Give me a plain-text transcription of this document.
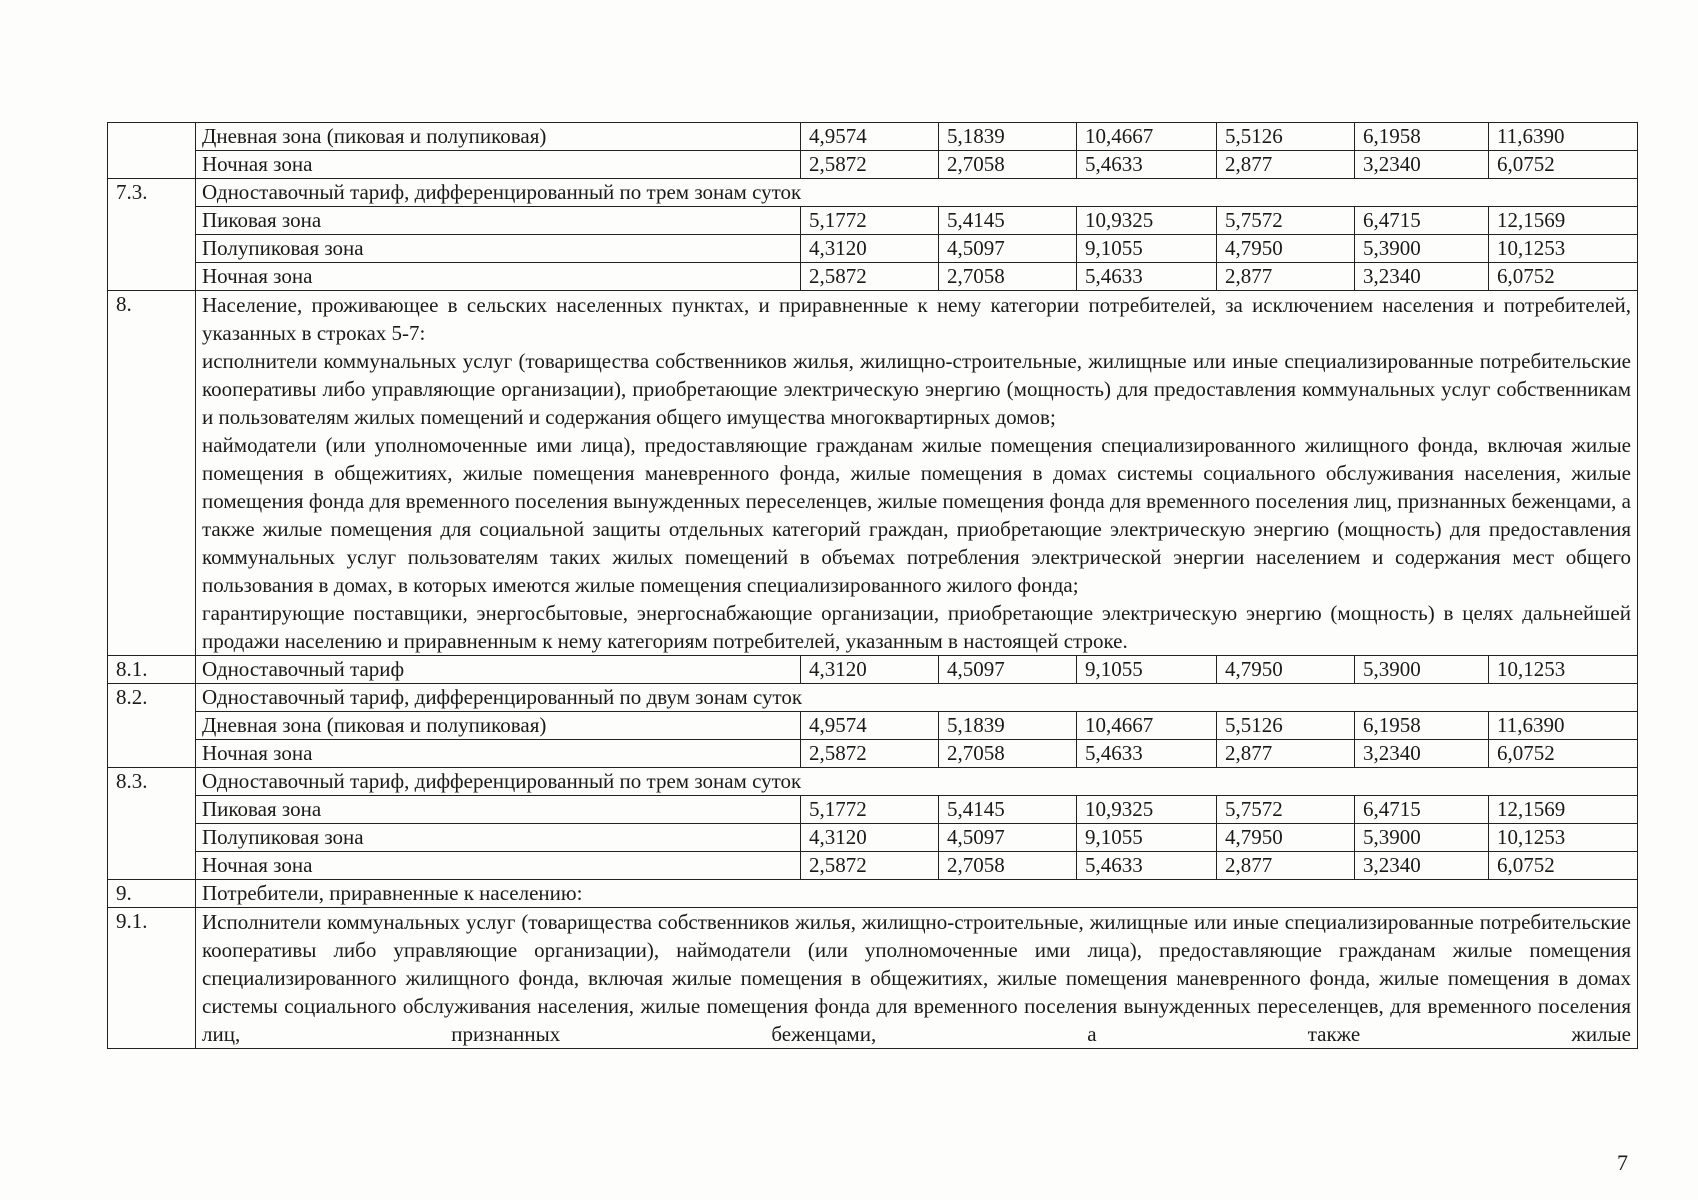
	Дневная зона (пиковая и полупиковая)	4,9574	5,1839	10,4667	5,5126	6,1958	11,6390
	Ночная зона	2,5872	2,7058	5,4633	2,877	3,2340	6,0752
7.3.	Одноставочный тариф, дифференцированный по трем зонам суток						
	Пиковая зона	5,1772	5,4145	10,9325	5,7572	6,4715	12,1569
	Полупиковая зона	4,3120	4,5097	9,1055	4,7950	5,3900	10,1253
	Ночная зона	2,5872	2,7058	5,4633	2,877	3,2340	6,0752
8.	Население, проживающее в сельских населенных пунктах, и приравненные к нему категории потребителей, за исключением населения и потребителей, указанных в строках 5-7:
исполнители коммунальных услуг (товарищества собственников жилья, жилищно-строительные, жилищные или иные специализированные потребительские кооперативы либо управляющие организации), приобретающие электрическую энергию (мощность) для предоставления коммунальных услуг собственникам и пользователям жилых помещений и содержания общего имущества многоквартирных домов;
наймодатели (или уполномоченные ими лица), предоставляющие гражданам жилые помещения специализированного жилищного фонда, включая жилые помещения в общежитиях, жилые помещения маневренного фонда, жилые помещения в домах системы социального обслуживания населения, жилые помещения фонда для временного поселения вынужденных переселенцев, жилые помещения фонда для временного поселения лиц, признанных беженцами, а также жилые помещения для социальной защиты отдельных категорий граждан, приобретающие электрическую энергию (мощность) для предоставления коммунальных услуг пользователям таких жилых помещений в объемах потребления электрической энергии населением и содержания мест общего пользования в домах, в которых имеются жилые помещения специализированного жилого фонда;
гарантирующие поставщики, энергосбытовые, энергоснабжающие организации, приобретающие электрическую энергию (мощность) в целях дальнейшей продажи населению и приравненным к нему категориям потребителей, указанным в настоящей строке.						

8.1.	Одноставочный тариф	4,3120	4,5097	9,1055	4,7950	5,3900	10,1253
8.2.	Одноставочный тариф, дифференцированный по двум зонам суток						
	Дневная зона (пиковая и полупиковая)	4,9574	5,1839	10,4667	5,5126	6,1958	11,6390
	Ночная зона	2,5872	2,7058	5,4633	2,877	3,2340	6,0752
8.3.	Одноставочный тариф, дифференцированный по трем зонам суток						
	Пиковая зона	5,1772	5,4145	10,9325	5,7572	6,4715	12,1569
	Полупиковая зона	4,3120	4,5097	9,1055	4,7950	5,3900	10,1253
	Ночная зона	2,5872	2,7058	5,4633	2,877	3,2340	6,0752
9.	Потребители, приравненные к населению:						
9.1.	Исполнители коммунальных услуг (товарищества собственников жилья, жилищно-строительные, жилищные или иные специализированные потребительские кооперативы либо управляющие организации), наймодатели (или уполномоченные ими лица), предоставляющие гражданам жилые помещения специализированного жилищного фонда, включая жилые помещения в общежитиях, жилые помещения маневренного фонда, жилые помещения в домах системы социального обслуживания населения, жилые помещения фонда для временного поселения вынужденных переселенцев, для временного поселения лиц, признанных беженцами, а также жилые						
7
